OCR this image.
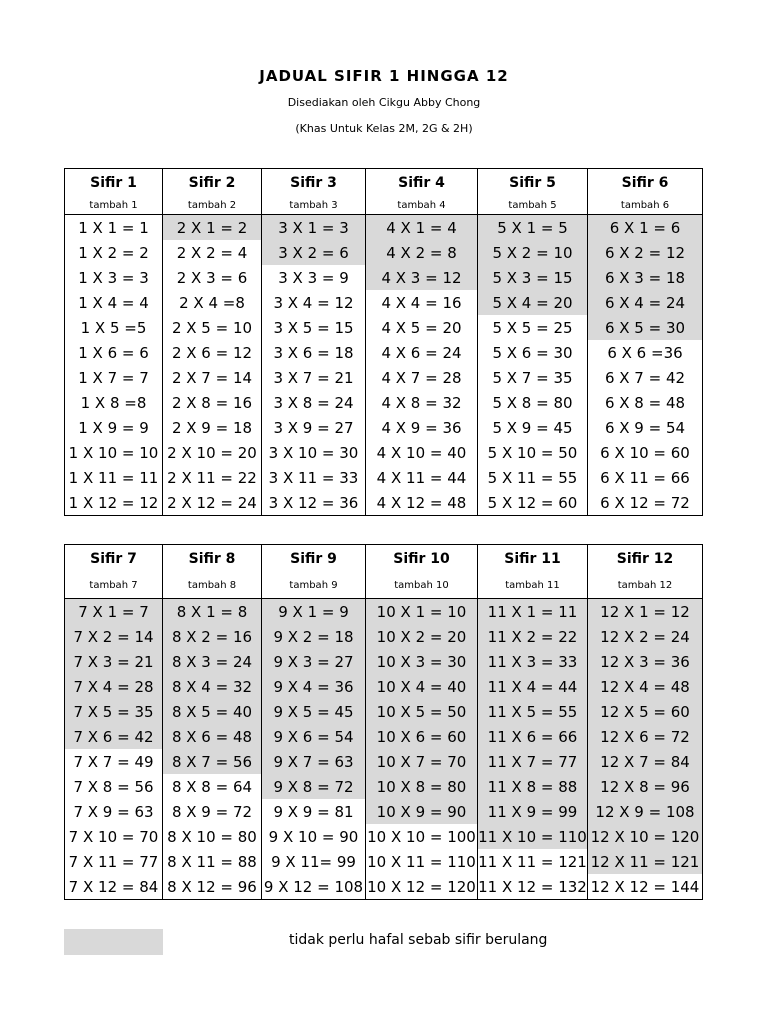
JADUAL SIFIR 1 HINGGA 12
Disediakan oleh Cikgu Abby Chong
(Khas Untuk Kelas 2M, 2G & 2H)
Sifir 1	Sifir 2	Sifir 3	Sifir 4	Sifir 5	Sifir 6
tambah 1	tambah 2	tambah 3	tambah 4	tambah 5	tambah 6
1 X 1 = 1	2 X 1 = 2	3 X 1 = 3	4 X 1 = 4	5 X 1 = 5	6 X 1 = 6
1 X 2 = 2	2 X 2 = 4	3 X 2 = 6	4 X 2 = 8	5 X 2 = 10	6 X 2 = 12
1 X 3 = 3	2 X 3 = 6	3 X 3 = 9	4 X 3 = 12	5 X 3 = 15	6 X 3 = 18
1 X 4 = 4	2 X 4 =8	3 X 4 = 12	4 X 4 = 16	5 X 4 = 20	6 X 4 = 24
1 X 5 =5	2 X 5 = 10	3 X 5 = 15	4 X 5 = 20	5 X 5 = 25	6 X 5 = 30
1 X 6 = 6	2 X 6 = 12	3 X 6 = 18	4 X 6 = 24	5 X 6 = 30	6 X 6 =36
1 X 7 = 7	2 X 7 = 14	3 X 7 = 21	4 X 7 = 28	5 X 7 = 35	6 X 7 = 42
1 X 8 =8	2 X 8 = 16	3 X 8 = 24	4 X 8 = 32	5 X 8 = 80	6 X 8 = 48
1 X 9 = 9	2 X 9 = 18	3 X 9 = 27	4 X 9 = 36	5 X 9 = 45	6 X 9 = 54
1 X 10 = 10	2 X 10 = 20	3 X 10 = 30	4 X 10 = 40	5 X 10 = 50	6 X 10 = 60
1 X 11 = 11	2 X 11 = 22	3 X 11 = 33	4 X 11 = 44	5 X 11 = 55	6 X 11 = 66
1 X 12 = 12	2 X 12 = 24	3 X 12 = 36	4 X 12 = 48	5 X 12 = 60	6 X 12 = 72
Sifir 7	Sifir 8	Sifir 9	Sifir 10	Sifir 11	Sifir 12
tambah 7	tambah 8	tambah 9	tambah 10	tambah 11	tambah 12
7 X 1 = 7	8 X 1 = 8	9 X 1 = 9	10 X 1 = 10	11 X 1 = 11	12 X 1 = 12
7 X 2 = 14	8 X 2 = 16	9 X 2 = 18	10 X 2 = 20	11 X 2 = 22	12 X 2 = 24
7 X 3 = 21	8 X 3 = 24	9 X 3 = 27	10 X 3 = 30	11 X 3 = 33	12 X 3 = 36
7 X 4 = 28	8 X 4 = 32	9 X 4 = 36	10 X 4 = 40	11 X 4 = 44	12 X 4 = 48
7 X 5 = 35	8 X 5 = 40	9 X 5 = 45	10 X 5 = 50	11 X 5 = 55	12 X 5 = 60
7 X 6 = 42	8 X 6 = 48	9 X 6 = 54	10 X 6 = 60	11 X 6 = 66	12 X 6 = 72
7 X 7 = 49	8 X 7 = 56	9 X 7 = 63	10 X 7 = 70	11 X 7 = 77	12 X 7 = 84
7 X 8 = 56	8 X 8 = 64	9 X 8 = 72	10 X 8 = 80	11 X 8 = 88	12 X 8 = 96
7 X 9 = 63	8 X 9 = 72	9 X 9 = 81	10 X 9 = 90	11 X 9 = 99	12 X 9 = 108
7 X 10 = 70	8 X 10 = 80	9 X 10 = 90	10 X 10 = 100	11 X 10 = 110	12 X 10 = 120
7 X 11 = 77	8 X 11 = 88	9 X 11= 99	10 X 11 = 110	11 X 11 = 121	12 X 11 = 121
7 X 12 = 84	8 X 12 = 96	9 X 12 = 108	10 X 12 = 120	11 X 12 = 132	12 X 12 = 144
tidak perlu hafal sebab sifir berulang
